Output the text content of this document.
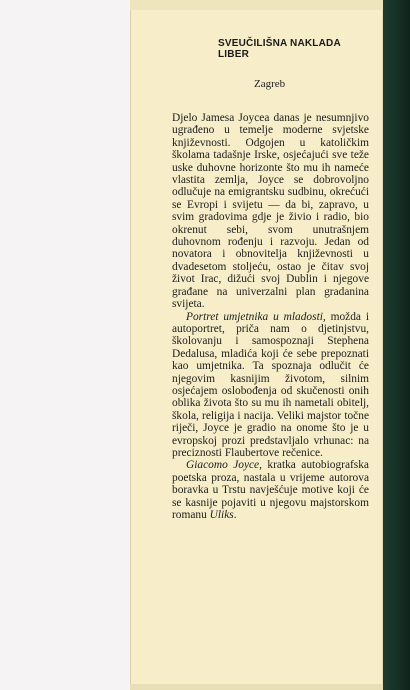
SVEUČILIŠNA NAKLADA
LIBER
Zagreb

Djelo Jamesa Joycea danas je nesumnjivo ugrađeno u temelje moderne svjetske književnosti. Odgojen u katoličkim školama tadašnje Irske, osjećajući sve teže uske duhovne horizonte što mu ih nameće vlastita zemlja, Joyce se dobrovoljno odlučuje na emigrantsku sudbinu, okrećući se Evropi i svijetu — da bi, zapravo, u svim gradovima gdje je živio i radio, bio okrenut sebi, svom unutrašnjem duhovnom rođenju i razvoju. Jedan od novatora i obnovitelja književnosti u dvadesetom stoljeću, ostao je čitav svoj život Irac, dižući svoj Dublin i njegove građane na univerzalni plan gradanina svijeta.

Portret umjetnika u mladosti, možda i autoportret, priča nam o djetinjstvu, školovanju i samospoznaji Stephena Dedalusa, mladića koji će sebe prepoznati kao umjetnika. Ta spoznaja odlučit će njegovim kasnijim životom, silnim osjećajem oslobođenja od skučenosti onih oblika života što su mu ih nametali obitelj, škola, religija i nacija. Veliki majstor točne riječi, Joyce je gradio na onome što je u evropskoj prozi predstavljalo vrhunac: na preciznosti Flaubertove rečenice.

Giacomo Joyce, kratka autobiografska poetska proza, nastala u vrijeme autorova boravka u Trstu navješćuje motive koji će se kasnije pojaviti u njegovu majstorskom romanu Uliks.
